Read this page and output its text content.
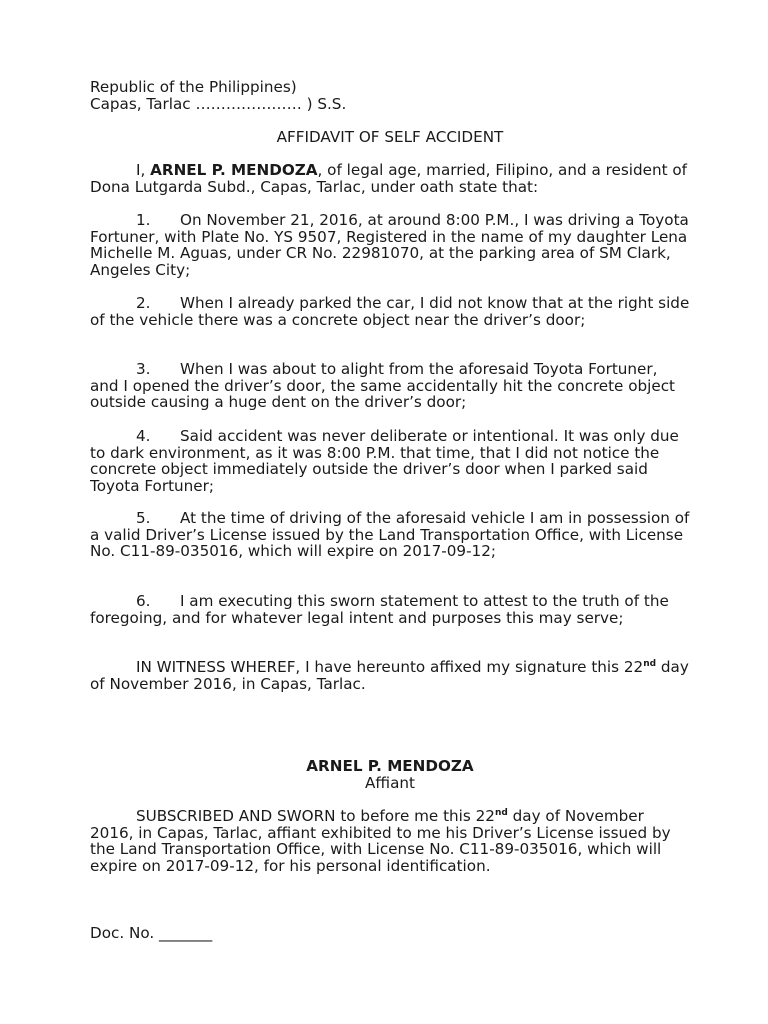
Republic of the Philippines)
Capas, Tarlac ………………… ) S.S.
AFFIDAVIT OF SELF ACCIDENT

I, ARNEL P. MENDOZA, of legal age, married, Filipino, and a resident of Dona Lutgarda Subd., Capas, Tarlac, under oath state that:

1. On November 21, 2016, at around 8:00 P.M., I was driving a Toyota Fortuner, with Plate No. YS 9507, Registered in the name of my daughter Lena Michelle M. Aguas, under CR No. 22981070, at the parking area of SM Clark, Angeles City;

2. When I already parked the car, I did not know that at the right side of the vehicle there was a concrete object near the driver’s door;

3. When I was about to alight from the aforesaid Toyota Fortuner, and I opened the driver’s door, the same accidentally hit the concrete object outside causing a huge dent on the driver’s door;

4. Said accident was never deliberate or intentional. It was only due to dark environment, as it was 8:00 P.M. that time, that I did not notice the concrete object immediately outside the driver’s door when I parked said Toyota Fortuner;

5. At the time of driving of the aforesaid vehicle I am in possession of a valid Driver’s License issued by the Land Transportation Office, with License No. C11-89-035016, which will expire on 2017-09-12;

6. I am executing this sworn statement to attest to the truth of the foregoing, and for whatever legal intent and purposes this may serve;

IN WITNESS WHEREF, I have hereunto affixed my signature this 22nd day of November 2016, in Capas, Tarlac.

ARNEL P. MENDOZA
Affiant

SUBSCRIBED AND SWORN to before me this 22nd day of November 2016, in Capas, Tarlac, affiant exhibited to me his Driver’s License issued by the Land Transportation Office, with License No. C11-89-035016, which will expire on 2017-09-12, for his personal identification.

Doc. No. _______
